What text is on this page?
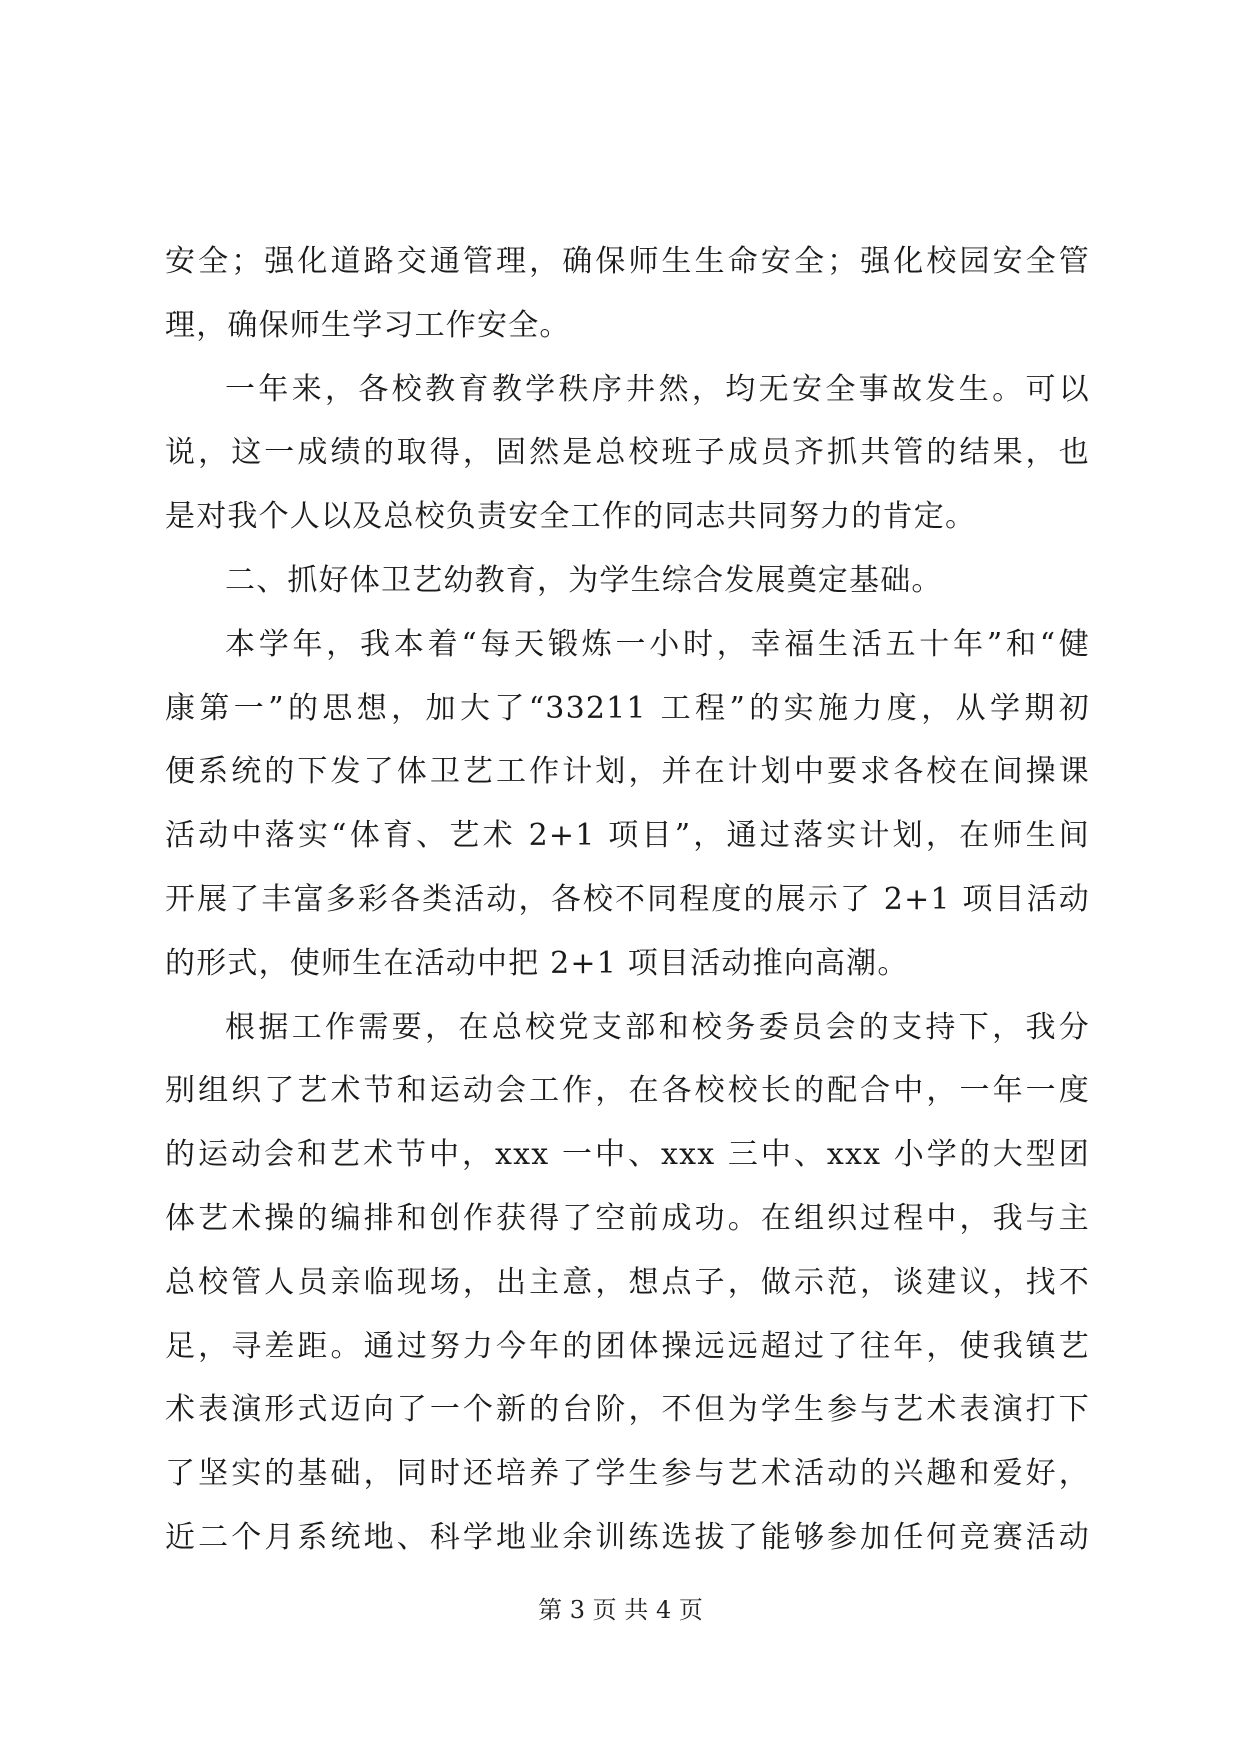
安全；强化道路交通管理，确保师生生命安全；强化校园安全管
理，确保师生学习工作安全。
一年来，各校教育教学秩序井然，均无安全事故发生。可以
说，这一成绩的取得，固然是总校班子成员齐抓共管的结果，也
是对我个人以及总校负责安全工作的同志共同努力的肯定。
二、抓好体卫艺幼教育，为学生综合发展奠定基础。
本学年，我本着“每天锻炼一小时，幸福生活五十年”和“健
康第一”的思想，加大了“33211 工程”的实施力度，从学期初
便系统的下发了体卫艺工作计划，并在计划中要求各校在间操课
活动中落实“体育、艺术 2+1 项目”，通过落实计划，在师生间
开展了丰富多彩各类活动，各校不同程度的展示了 2+1 项目活动
的形式，使师生在活动中把 2+1 项目活动推向高潮。
根据工作需要，在总校党支部和校务委员会的支持下，我分
别组织了艺术节和运动会工作，在各校校长的配合中，一年一度
的运动会和艺术节中，xxx 一中、xxx 三中、xxx 小学的大型团
体艺术操的编排和创作获得了空前成功。在组织过程中，我与主
总校管人员亲临现场，出主意，想点子，做示范，谈建议，找不
足，寻差距。通过努力今年的团体操远远超过了往年，使我镇艺
术表演形式迈向了一个新的台阶，不但为学生参与艺术表演打下
了坚实的基础，同时还培养了学生参与艺术活动的兴趣和爱好，
近二个月系统地、科学地业余训练选拔了能够参加任何竞赛活动
第 3 页 共 4 页
